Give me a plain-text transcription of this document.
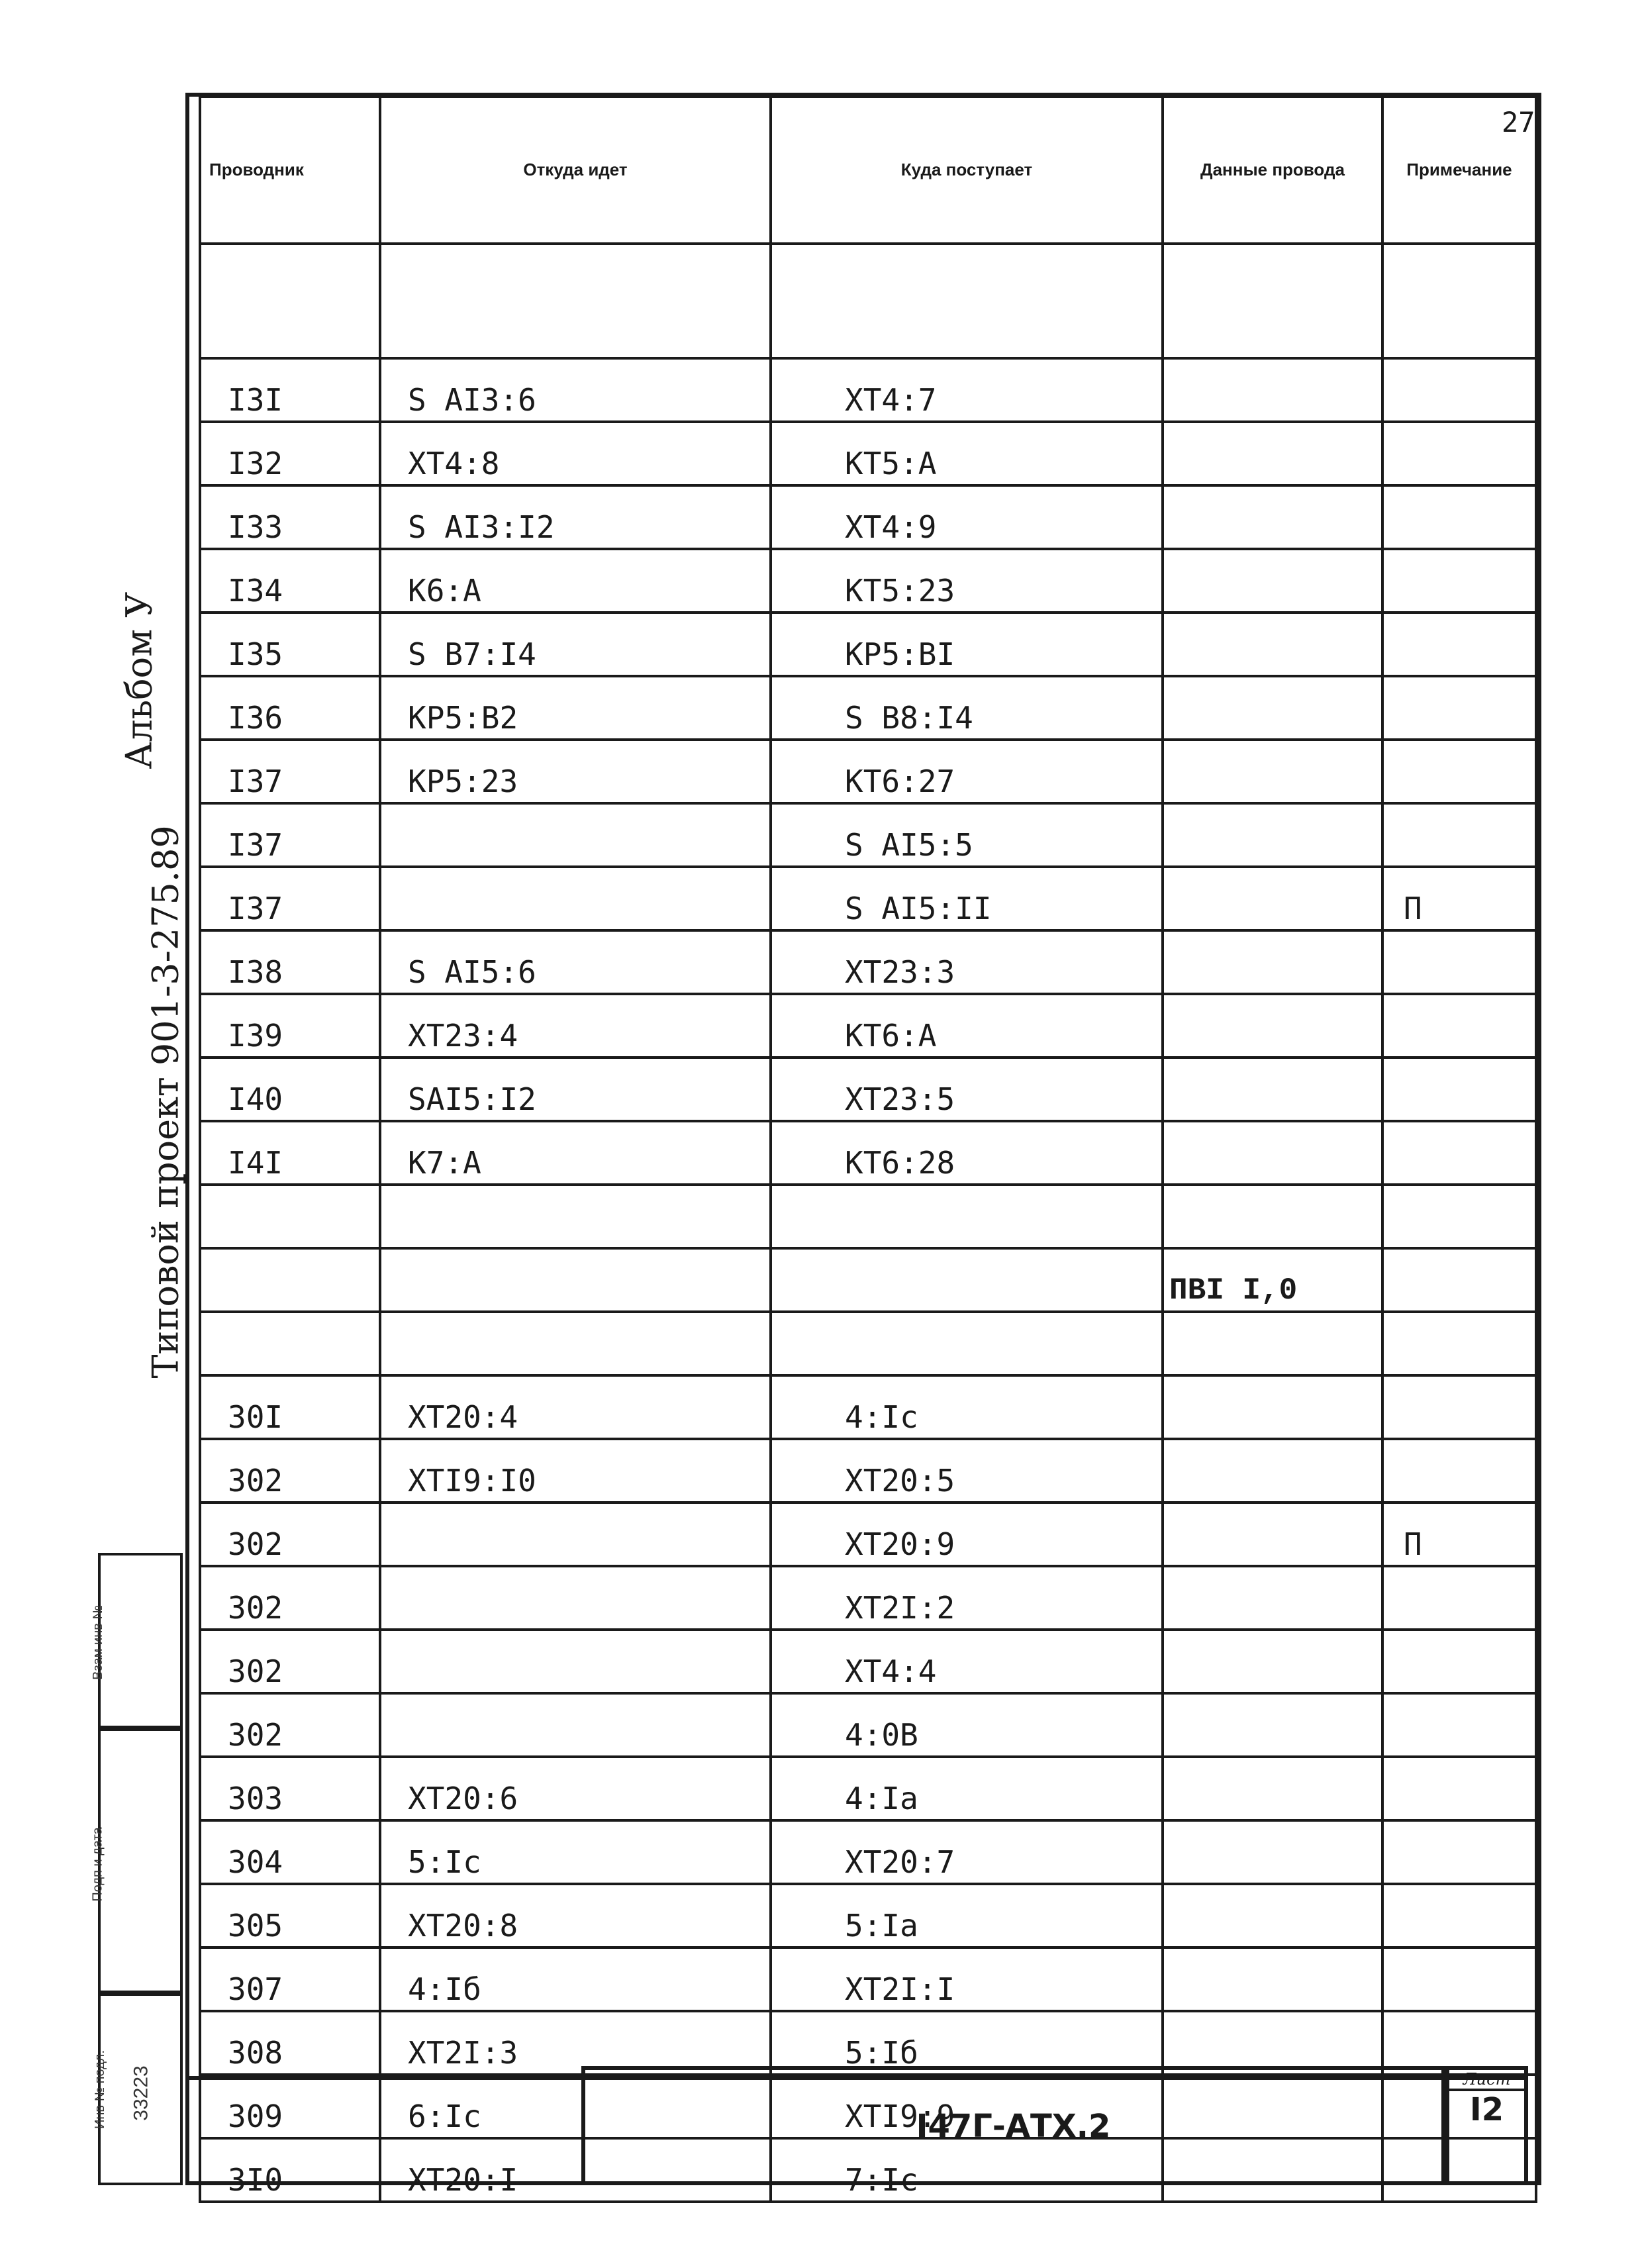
27
Альбом У
Типовой проект 901-3-275.89
Проводник	Откуда идет	Куда поступает	Данные провода	Примечание

I3I	S AI3:6	XT4:7		
I32	XT4:8	KT5:A		
I33	S AI3:I2	XT4:9		
I34	K6:A	KT5:23		
I35	S B7:I4	KP5:BI		
I36	KP5:B2	S B8:I4		
I37	KP5:23	KT6:27		
I37		S AI5:5		
I37		S AI5:II		П
I38	S AI5:6	XT23:3		
I39	XT23:4	KT6:A		
I40	SAI5:I2	XT23:5		
I4I	K7:A	KT6:28		

			ПВI I,0	

30I	XT20:4	4:Ic		
302	XTI9:I0	XT20:5		
302		XT20:9		П
302		XT2I:2		
302		XT4:4		
302		4:0B		
303	XT20:6	4:Ia		
304	5:Ic	XT20:7		
305	XT20:8	5:Ia		
307	4:Iб	XT2I:I		
308	XT2I:3	5:Iб		
309	6:Ic	XTI9:9		
3I0	XT20:I	7:Ic		
Взам инв №
Подп и дата
Инв № подл. 33223
I47Г-АТХ.2
Лист
I2
